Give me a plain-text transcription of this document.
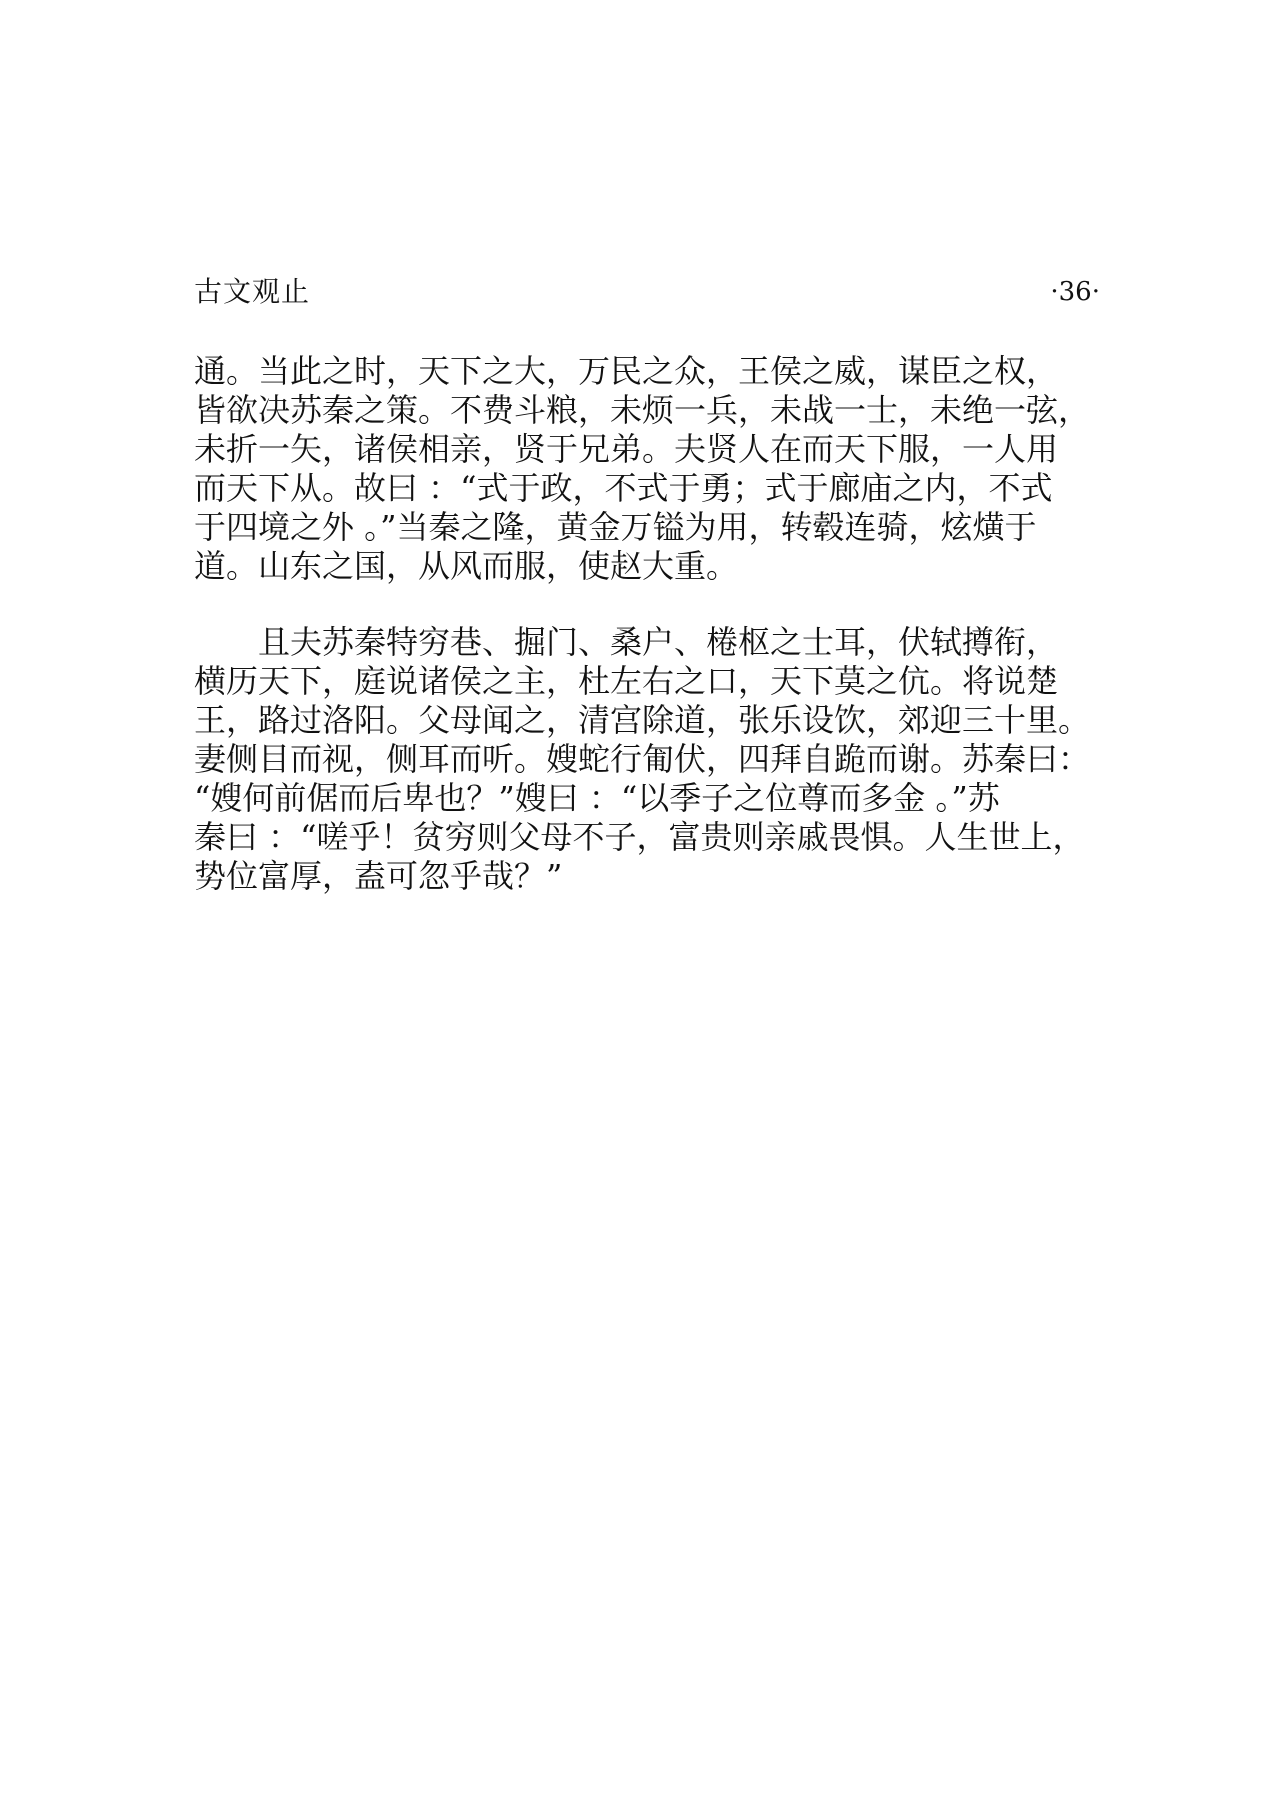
古文观止	·36·
通。当此之时，天下之大，万民之众，王侯之威，谋臣之权，
皆欲决苏秦之策。不费斗粮，未烦一兵，未战一士，未绝一弦，
未折一矢，诸侯相亲，贤于兄弟。夫贤人在而天下服，一人用
而天下从。故曰 ：“式于政，不式于勇；式于廊庙之内，不式
于四境之外 。”当秦之隆，黄金万镒为用，转毂连骑，炫熿于
道。山东之国，从风而服，使赵大重。
且夫苏秦特穷巷、掘门、桑户、棬枢之士耳，伏轼撙衔，
横历天下，庭说诸侯之主，杜左右之口，天下莫之伉。将说楚
王，路过洛阳。父母闻之，清宫除道，张乐设饮，郊迎三十里。
妻侧目而视，侧耳而听。嫂蛇行匍伏，四拜自跪而谢。苏秦曰：
“嫂何前倨而后卑也？”嫂曰 ：“以季子之位尊而多金 。”苏
秦曰 ：“嗟乎！贫穷则父母不子，富贵则亲戚畏惧。人生世上，
势位富厚，盍可忽乎哉？”
